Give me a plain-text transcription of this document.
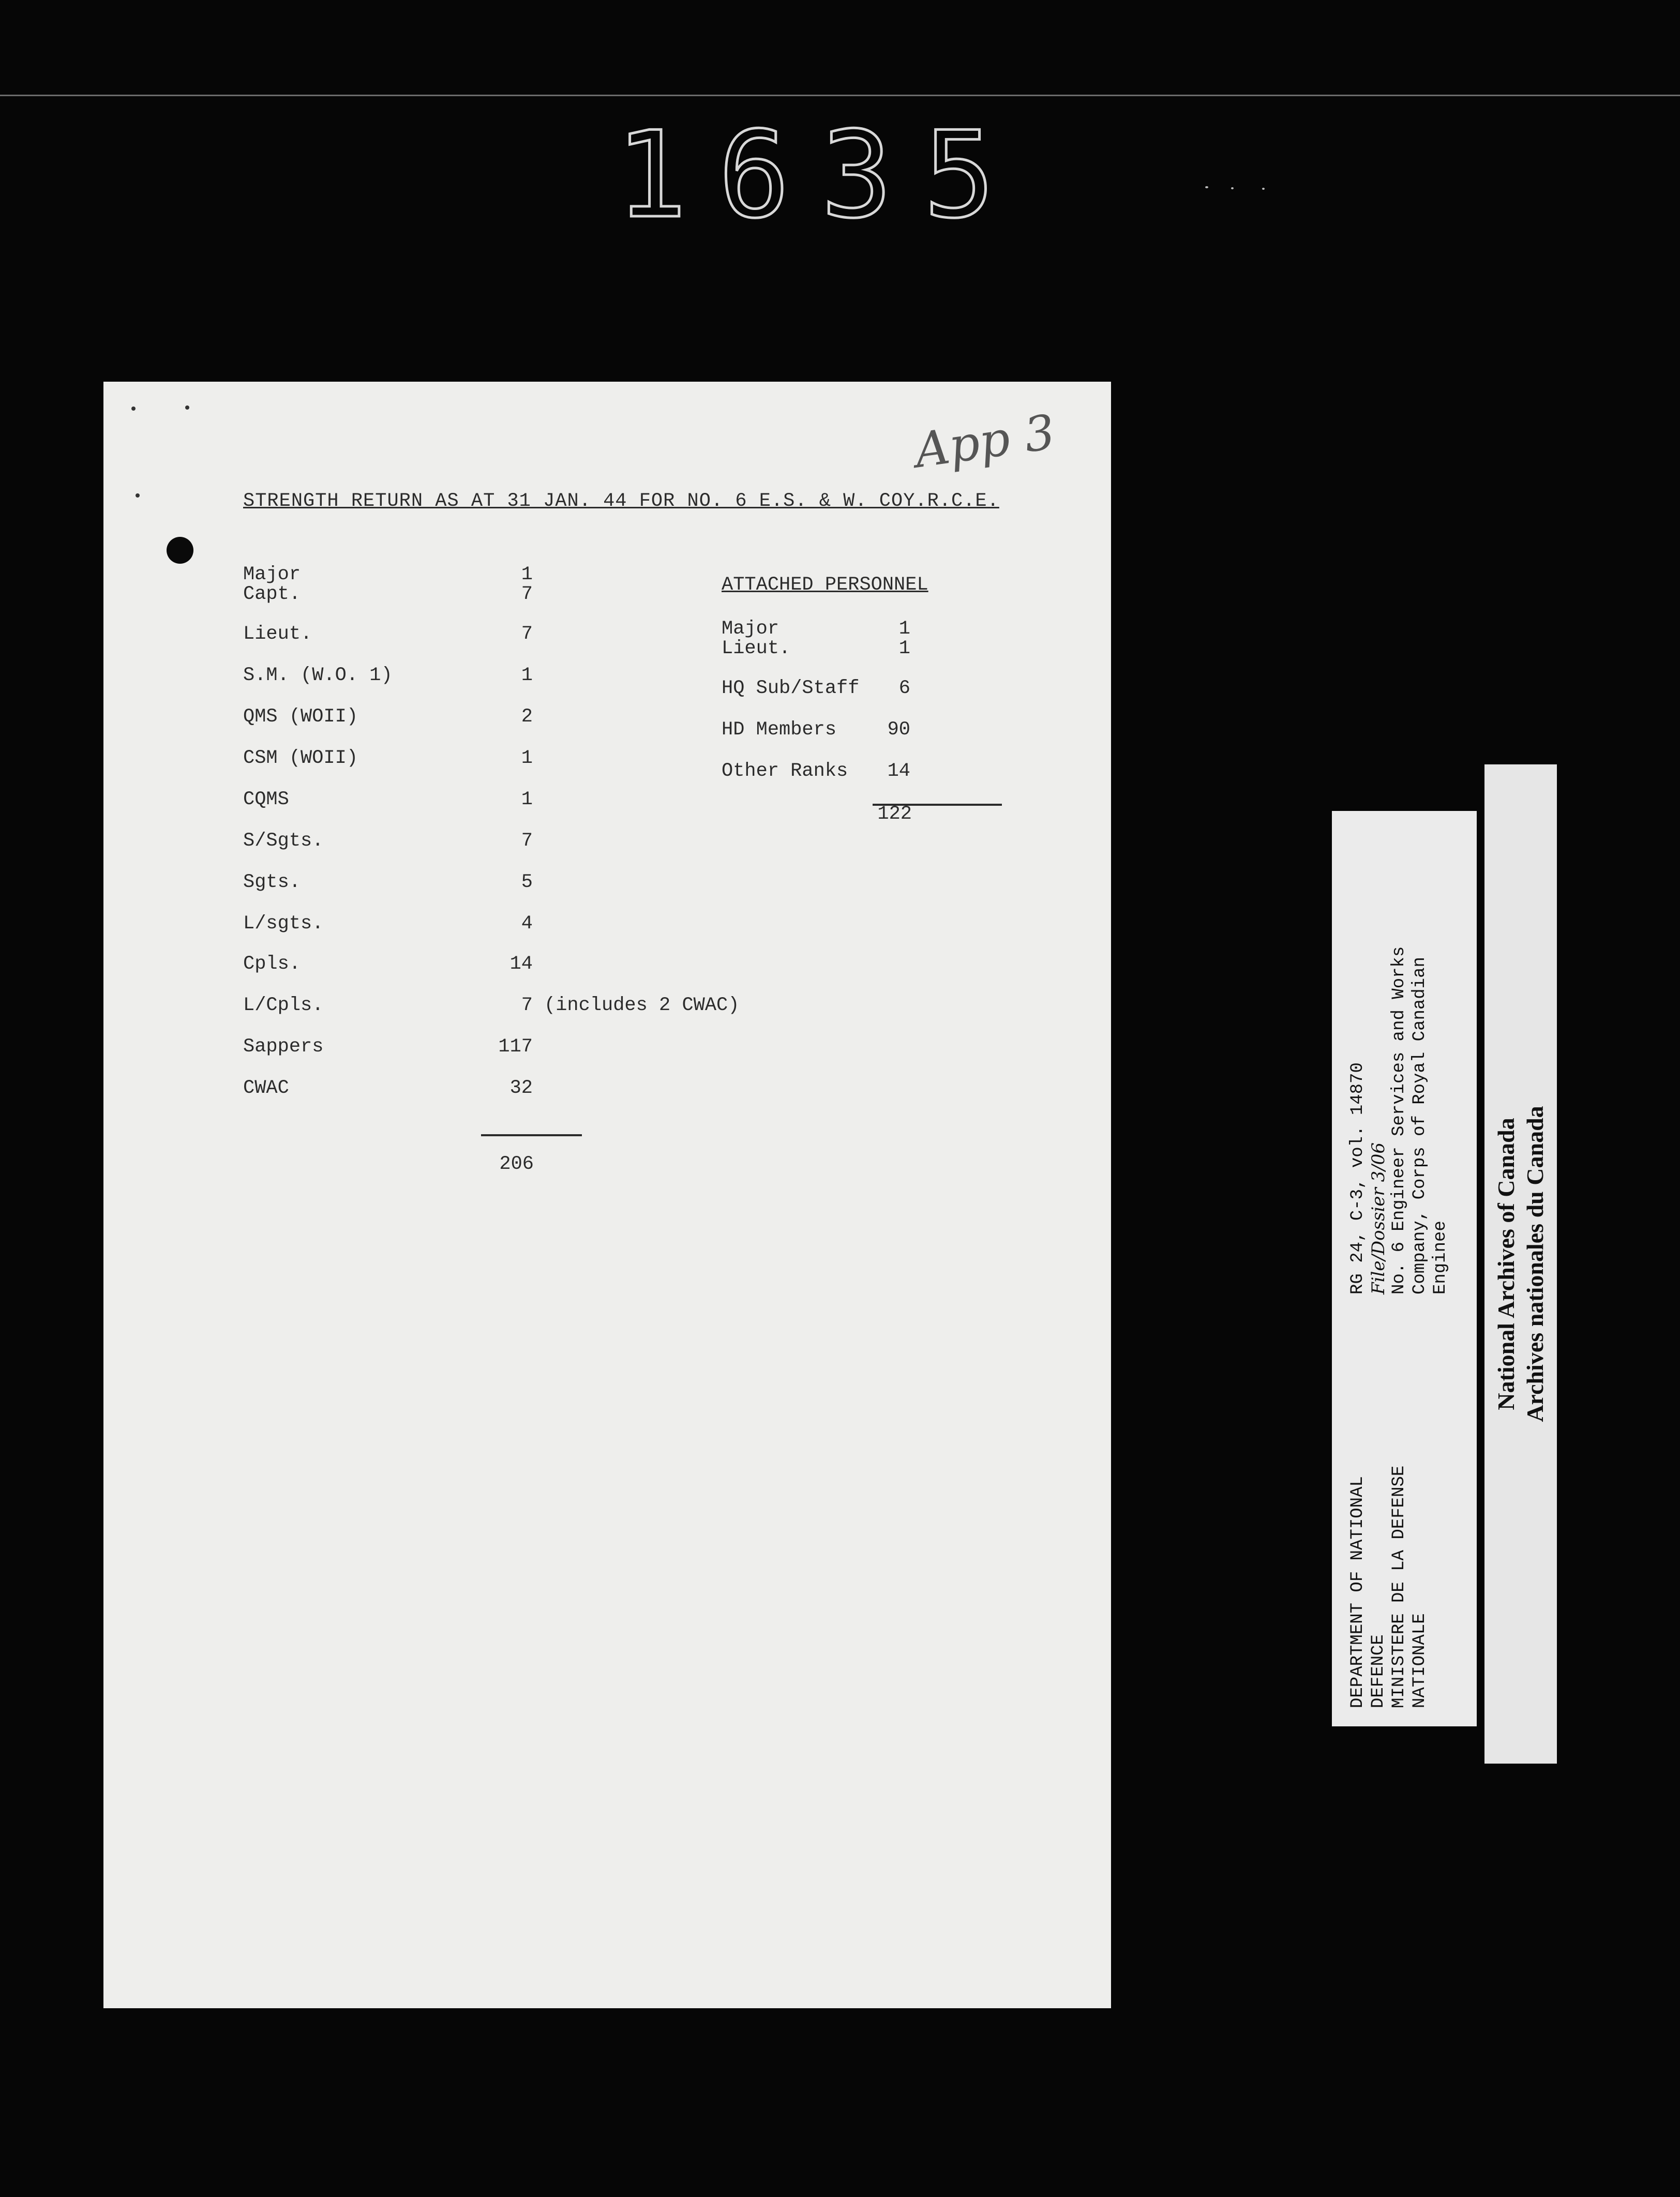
1635
App 3
STRENGTH RETURN AS AT 31 JAN. 44 FOR NO. 6 E.S. & W. COY.R.C.E.
Major	1
Capt.	7
Lieut.	7
S.M. (W.O. 1)	1
QMS (WOII)	2
CSM (WOII)	1
CQMS	1
S/Sgts.	7
Sgts.	5
L/sgts.	4
Cpls.	14
L/Cpls.	7 (includes 2 CWAC)
Sappers	117
CWAC	32
206
ATTACHED PERSONNEL
Major	1
Lieut.	1
HQ Sub/Staff	6
HD Members	90
Other Ranks	14
122
DEPARTMENT OF NATIONAL DEFENCE MINISTERE DE LA DEFENSE NATIONALE
RG 24, C-3, vol. 14870 File/Dossier 3/06 No. 6 Engineer Services and Works Company, Corps of Royal Canadian Enginee National Archives of Canada Archives nationales du Canada
